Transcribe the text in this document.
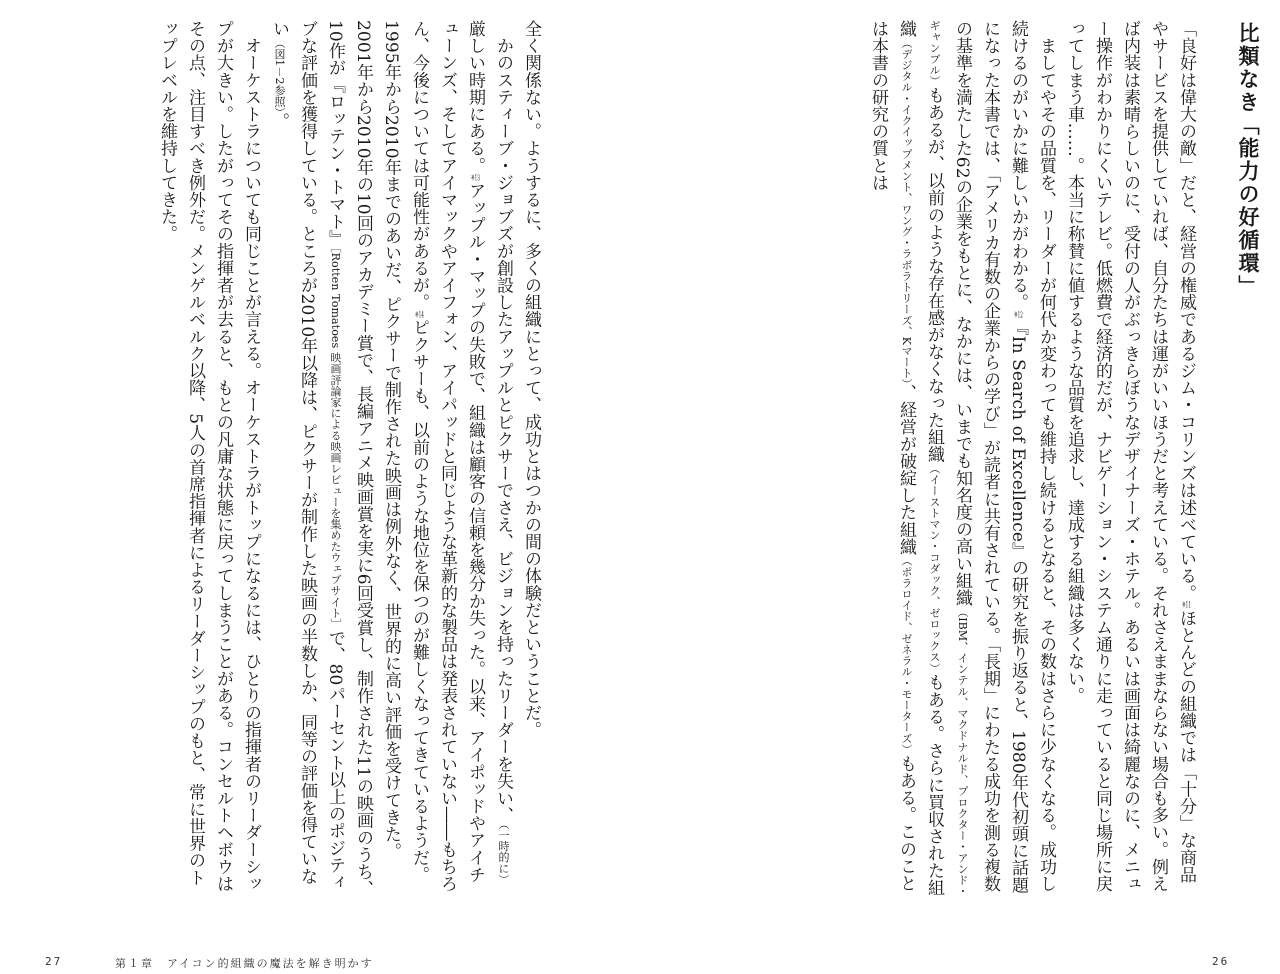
全く関係ない。ようするに、多くの組織にとって、成功とはつかの間の体験だということだ。

　かのスティーブ・ジョブズが創設したアップルとピクサーでさえ、ビジョンを持ったリーダーを失い、（一時的に）厳しい時期にある。※13アップル・マップの失敗で、組織は顧客の信頼を幾分か失った。以来、アイポッドやアイチューンズ、そしてアイマックやアイフォン、アイパッドと同じような革新的な製品は発表されていない――もちろん、今後については可能性があるが。※14ピクサーも、以前のような地位を保つのが難しくなってきているようだ。1995年から2010年までのあいだ、ピクサーで制作された映画は例外なく、世界的に高い評価を受けてきた。2001年から2010年の10回のアカデミー賞で、長編アニメ映画賞を実に6回受賞し、制作された11の映画のうち、10作が『ロッテン・トマト』［Rotten Tomatoes 映画評論家による映画レビューを集めたウェブサイト］で、80パーセント以上のポジティブな評価を獲得している。ところが2010年以降は、ピクサーが制作した映画の半数しか、同等の評価を得ていない（図1－2参照）。

　オーケストラについても同じことが言える。オーケストラがトップになるには、ひとりの指揮者のリーダーシップが大きい。したがってその指揮者が去ると、もとの凡庸な状態に戻ってしまうことがある。コンセルトヘボウはその点、注目すべき例外だ。メンゲルベルク以降、5人の首席指揮者によるリーダーシップのもと、常に世界のトップレベルを維持してきた。

27	第１章　アイコン的組織の魔法を解き明かす
比類なき「能力の好循環」

「良好は偉大の敵」だと、経営の権威であるジム・コリンズは述べている。※11ほとんどの組織では「十分」な商品やサービスを提供していれば、自分たちは運がいいほうだと考えている。それさえままならない場合も多い。例えば内装は素晴らしいのに、受付の人がぶっきらぼうなデザイナーズ・ホテル。あるいは画面は綺麗なのに、メニュー操作がわかりにくいテレビ。低燃費で経済的だが、ナビゲーション・システム通りに走っていると同じ場所に戻ってしまう車……。本当に称賛に値するような品質を追求し、達成する組織は多くない。

　ましてやその品質を、リーダーが何代か変わっても維持し続けるとなると、その数はさらに少なくなる。成功し続けるのがいかに難しいかがわかる。※12『In Search of Excellence』の研究を振り返ると、1980年代初頭に話題になった本書では、「アメリカ有数の企業からの学び」が読者に共有されている。「長期」にわたる成功を測る複数の基準を満たした62の企業をもとに、なかには、いまでも知名度の高い組織（IBM、インテル、マクドナルド、プロクター・アンド・ギャンブル）もあるが、以前のような存在感がなくなった組織（イーストマン・コダック、ゼロックス）もある。さらに買収された組織（デジタル・イクイップメント、ワング・ラボラトリーズ、Kマート）、経営が破綻した組織（ポラロイド、ゼネラル・モーターズ）もある。このことは本書の研究の質とは

26
